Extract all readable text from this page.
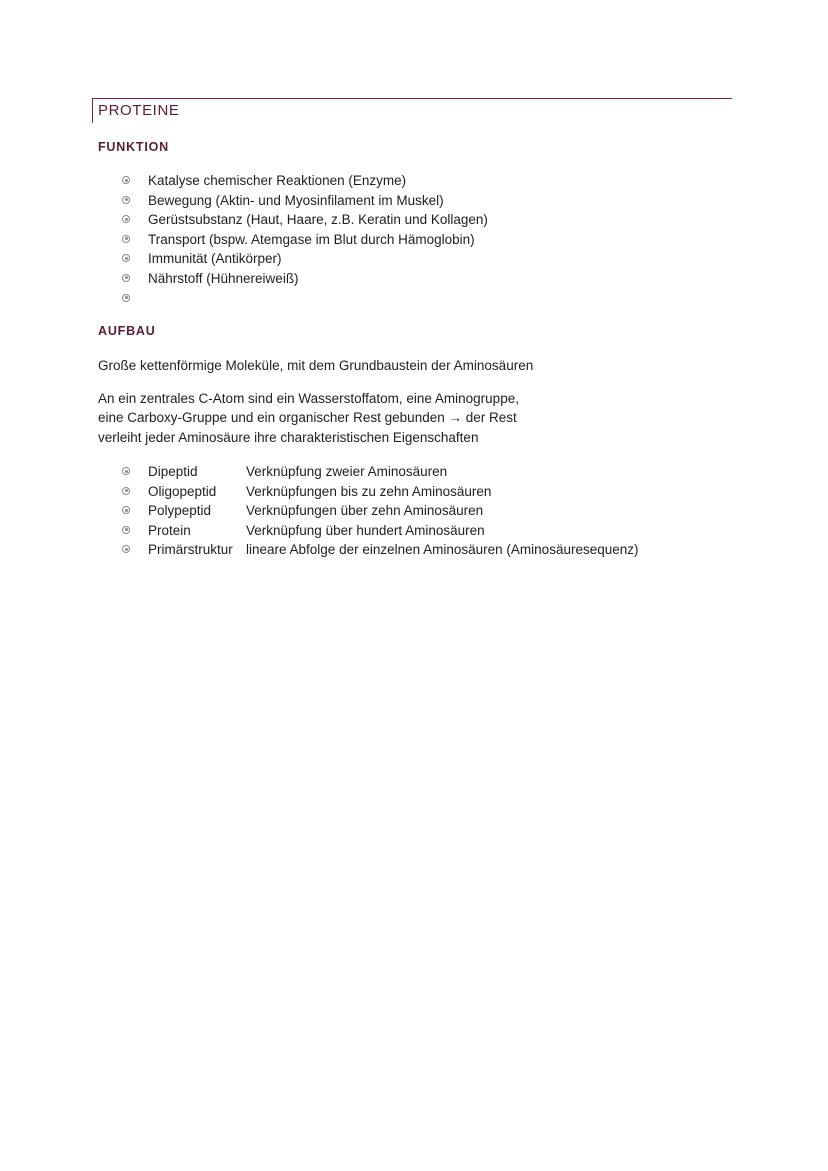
PROTEINE
FUNKTION
Katalyse chemischer Reaktionen (Enzyme)
Bewegung (Aktin- und Myosinfilament im Muskel)
Gerüstsubstanz (Haut, Haare, z.B. Keratin und Kollagen)
Transport (bspw. Atemgase im Blut durch Hämoglobin)
Immunität (Antikörper)
Nährstoff (Hühnereiweiß)
AUFBAU

Große kettenförmige Moleküle, mit dem Grundbaustein der Aminosäuren

An ein zentrales C-Atom sind ein Wasserstoffatom, eine Aminogruppe,
eine Carboxy-Gruppe und ein organischer Rest gebunden → der Rest
verleiht jeder Aminosäure ihre charakteristischen Eigenschaften

Dipeptid	Verknüpfung zweier Aminosäuren
Oligopeptid Verknüpfungen bis zu zehn Aminosäuren
Polypeptid	Verknüpfungen über zehn Aminosäuren
Protein	Verknüpfung über hundert Aminosäuren
Primärstruktur lineare Abfolge der einzelnen Aminosäuren (Aminosäuresequenz)
